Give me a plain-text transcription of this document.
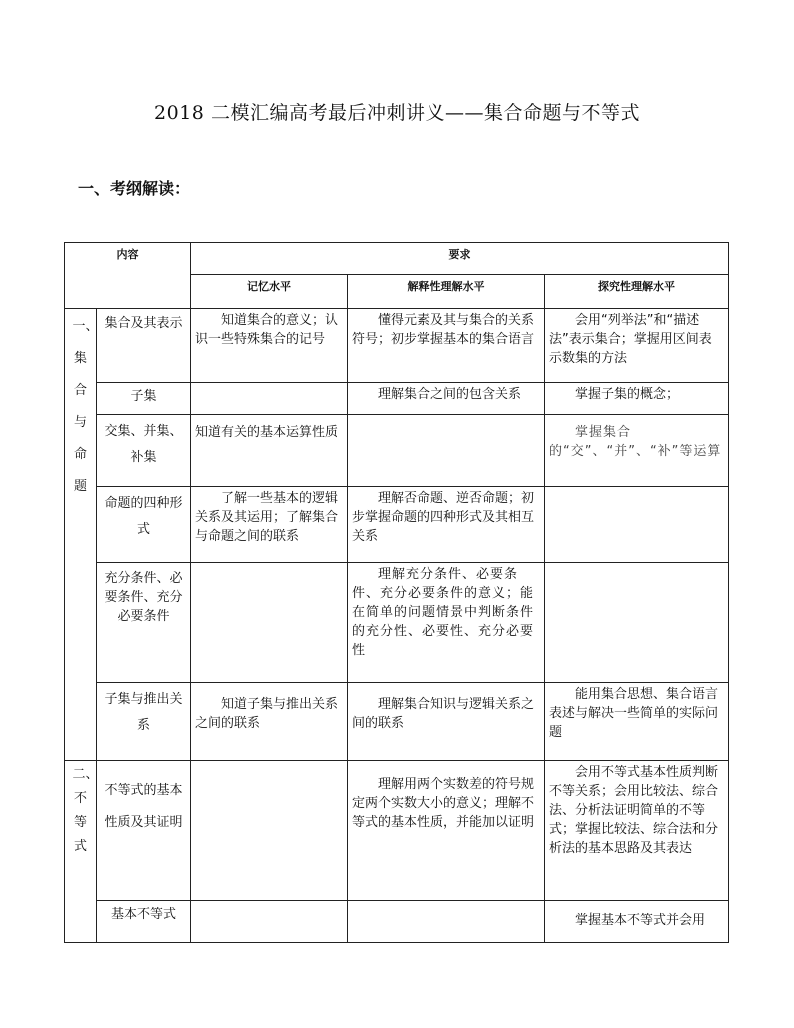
2018 二模汇编高考最后冲刺讲义——集合命题与不等式
一、考纲解读：
内容		要求		
		记忆水平	解释性理解水平	探究性理解水平

一、集合与命题	集合及其表示	知道集合的意义；认识一些特殊集合的记号	懂得元素及其与集合的关系符号；初步掌握基本的集合语言	会用“列举法”和“描述法”表示集合；掌握用区间表示数集的方法
	子集		理解集合之间的包含关系	掌握子集的概念；
	交集、并集、补集	知道有关的基本运算性质		掌握集合的“交”、“并”、“补”等运算
	命题的四种形式	了解一些基本的逻辑关系及其运用；了解集合与命题之间的联系	理解否命题、逆否命题；初步掌握命题的四种形式及其相互关系	
	充分条件、必要条件、充分必要条件		理解充分条件、必要条件、充分必要条件的意义；能在简单的问题情景中判断条件的充分性、必要性、充分必要性	
	子集与推出关系	知道子集与推出关系之间的联系	理解集合知识与逻辑关系之间的联系	能用集合思想、集合语言表述与解决一些简单的实际问题

二、不等式	不等式的基本性质及其证明		理解用两个实数差的符号规定两个实数大小的意义；理解不等式的基本性质，并能加以证明	会用不等式基本性质判断不等关系；会用比较法、综合法、分析法证明简单的不等式；掌握比较法、综合法和分析法的基本思路及其表达
	基本不等式			掌握基本不等式并会用
